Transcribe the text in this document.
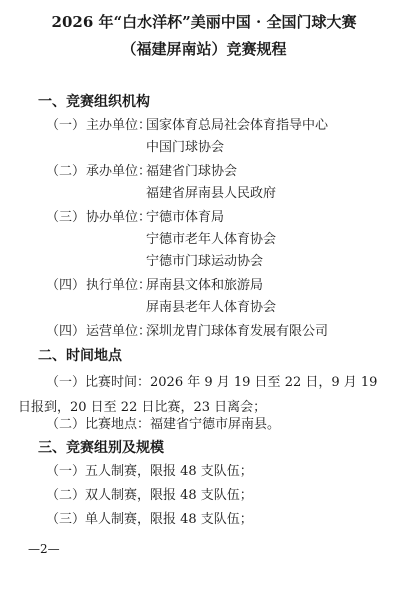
2026 年“白水洋杯”美丽中国 · 全国门球大赛
（福建屏南站）竞赛规程
一、竞赛组织机构
（一） 主办单位：
国家体育总局社会体育指导中心
中国门球协会
（二） 承办单位：
福建省门球协会
福建省屏南县人民政府
（三） 协办单位：
宁德市体育局
宁德市老年人体育协会
宁德市门球运动协会
（四） 执行单位：
屏南县文体和旅游局
屏南县老年人体育协会
（四） 运营单位：
深圳龙胄门球体育发展有限公司
二、时间地点

（一）比赛时间：2026 年 9 月 19 日至 22 日，9 月 19 日报到，20 日至 22 日比赛，23 日离会；

（二）比赛地点：福建省宁德市屏南县。

三、竞赛组别及规模
（一）五人制赛，限报 48 支队伍；
（二）双人制赛，限报 48 支队伍；
（三）单人制赛，限报 48 支队伍；
—2—
